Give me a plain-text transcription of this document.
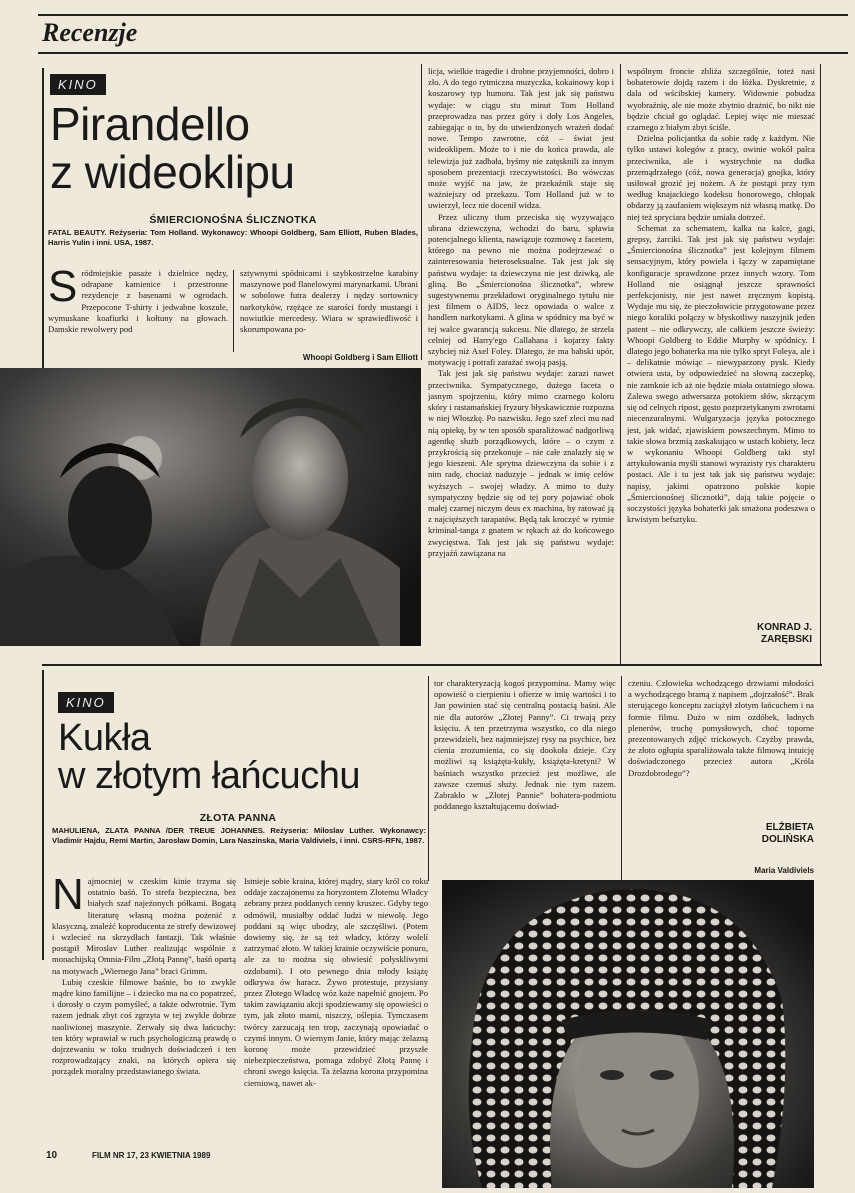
Recenzje
KINO
Pirandello
z wideoklipu
ŚMIERCIONOŚNA ŚLICZNOTKA
FATAL BEAUTY. Reżyseria: Tom Holland. Wykonawcy: Whoopi Goldberg, Sam Elliott, Ruben Blades, Harris Yulin i inni. USA, 1987.
S ródmiejskie pasaże i dzielnice nędzy, odrapane kamienice i przestronne rezydencje z basenami w ogrodach. Przepocone T-shirty i jedwabne koszule, wymuskane koafiurki i kołtuny na głowach. Damskie rewolwery pod
sztywnymi spódnicami i szybkostrzelne karabiny maszynowe pod flanelowymi marynarkami. Ubrani w sobolowe futra dealerzy i nędzy sortownicy narkotyków, rzężące ze starości fordy mustangi i nowiutkie mercedesy. Wiara w sprawiedliwość i skorumpowana po-
Whoopi Goldberg i Sam Elliott

licja, wielkie tragedie i drobne przyjemności, dobro i zło. A do tego rytmiczna muzyczka, kokainowy kop i koszarowy typ humoru. Tak jest jak się państwu wydaje: w ciągu stu minut Tom Holland przeprowadza nas przez góry i doły Los Angeles, zabiegając o to, by do utwierdzonych wrażeń dodać nowe. Tempo zawrotne, cóż – świat jest wideoklipem. Może to i nie do końca prawda, ale telewizja już zadbała, byśmy nie zatęsknili za innym sposobem prezentacji rzeczywistości. Bo wówczas może wyjść na jaw, że przekaźnik staje się ważniejszy od przekazu. Tom Holland już w to uwierzył, lecz nie docenił widza.

Przez uliczny tłum przeciska się wyzywająco ubrana dziewczyna, wchodzi do baru, spławia potencjalnego klienta, nawiązuje rozmowę z facetem, którego na pewno nie można podejrzewać o zainteresowania heteroseksualne. Tak jest jak się państwu wydaje: ta dziewczyna nie jest dziwką, ale gliną. Bo „Śmiercionośna ślicznotka”, wbrew sugestywnemu przekładowi oryginalnego tytułu nie jest filmem o AIDS, lecz opowiada o walce z handlem narkotykami. A glina w spódnicy ma być w tej walce gwarancją sukcesu. Nie dlatego, że strzela celniej od Harry'ego Callahana i kojarzy fakty szybciej niż Axel Foley. Dlatego, że ma babski upór, motywację i potrafi zarażać swoją pasją.

Tak jest jak się państwu wydaje: zarazi nawet przeciwnika. Sympatycznego, dużego faceta o jasnym spojrzeniu, który mimo czarnego koloru skóry i rastamańskiej fryzury błyskawicznie rozpozna w niej Włoszkę. Po nazwisku. Jego szef zleci mu nad nią opiekę, by w ten sposób sparaliżować nadgorliwą agentkę służb porządkowych, które – o czym z przykrością się przekonuje – nie całe znalazły się w jego kieszeni. Ale sprytna dziewczyna da sobie i z nim radę, chociaż naduzyje – jednak w imię celów wyższych – swojej władzy. A mimo to duży sympatyczny będzie się od tej pory pojawiać obok małej czarnej niczym deus ex machina, by ratować ją z najcięższych tarapatów. Będą tak kroczyć w rytmie kriminal-tanga z gnatem w rękach aż do końcowego zwycięstwa. Tak jest jak się państwu wydaje: przyjaźń zawiązana na

wspólnym froncie zbliża szczególnie, toteż nasi bohaterowie dojdą razem i do łóżka. Dyskretnie, z dala od wścibskiej kamery. Widownie pobudza wyobraźnię, ale nie może zbytnio drażnić, bo nikt nie będzie chciał go oglądać. Lepiej więc nie mieszać czarnego z białym zbyt ściśle.

Dzielna policjantka da sobie radę z każdym. Nie tylko ustawi kolegów z pracy, owinie wokół palca przeciwnika, ale i wystrychnie na dudka przemądrzałego (cóż, nowa generacja) gnojka, który usiłował grozić jej nożem. A że postąpi przy tym według knajackiego kodeksu honorowego, chłopak obdarzy ją zaufaniem większym niż własną matkę. Do niej też spryciara będzie umiała dotrzeć.

Schemat za schematem, kalka na kalce, gagi, grepsy, żarciki. Tak jest jak się państwu wydaje: „Śmiercionośna ślicznotka” jest kolejnym filmem sensacyjnym, który powiela i łączy w zapamiętane konfiguracje sprawdzone przez innych wzory. Tom Holland nie osiągnął jeszcze sprawności perfekcjonisty, nie jest nawet zręcznym kopistą. Wydaje mu się, że pieczołowicie przygotowane przez niego koraliki połączy w błyskotliwy naszyjnik jeden patent – nie odkrywczy, ale całkiem jeszcze świeży: Whoopi Goldberg to Eddie Murphy w spódnicy. I dlatego jego bohaterka ma nie tylko spryt Foleya, ale i – delikatnie mówiąc – niewyparzony pysk. Kiedy otwiera usta, by odpowiedzieć na słowną zaczepkę, nie zamknie ich aż nie będzie miała ostatniego słowa. Zalewa swego adwersarza potokiem słów, skrzącym się od celnych ripost, gęsto pozprzetykanym zwrotami niecenzuralnymi. Wulgaryzacja języka potocznego jest, jak widać, zjawiskiem powszechnym. Mimo to takie słowa brzmią zaskakująco w ustach kobiety, lecz w wykonaniu Whoopi Goldberg taki styl artykułowania myśli stanowi wyrazisty rys charakteru postaci. Ale i tu jest tak jak się państwu wydaje: napisy, jakimi opatrzono polskie kopie „Śmiercionośnej ślicznotki”, dają takie pojęcie o soczystości języka bohaterki jak smażona podeszwa o krwistym befsztyku.

KONRAD J.
ZARĘBSKI
KINO
Kukła
w złotym łańcuchu
ZŁOTA PANNA
MAHULIENA, ZLATA PANNA /DER TREUE JOHANNES. Reżyseria: Miloslav Luther. Wykonawcy: Vladimír Hajdu, Remi Martin, Jarosław Domin, Lara Naszinska, Maria Valdiviels, i inni. CSRS-RFN, 1987.

Najmocniej w czeskim kinie trzyma się ostatnio baśń. To strefa bezpieczna, bez białych szaf najeżonych półkami. Bogatą literaturę własną można pożenić z klasyczną, znaleźć koproducenta ze strefy dewizowej i wzlecieć na skrzydłach fantazji. Tak właśnie postąpił Miroslav Luther realizując wspólnie z monachijską Omnia-Film „Złotą Pannę”, baśń opartą na motywach „Wiernego Jana” braci Grimm.

Lubię czeskie filmowe baśnie, bo to zwykle mądre kino familijne – i dziecko ma na co popatrzeć, i dorosły o czym pomyśleć, a także odwrotnie. Tym razem jednak zbyt coś zgrzyta w tej zwykle dobrze naoliwionej maszynie. Zerwały się dwa łańcuchy: ten który wprawiał w ruch psychologiczną prawdę o dojrzewaniu w toku trudnych doświadczeń i ten rozprowadzający znaki, na których opiera się porządek moralny przedstawianego świata.

Istnieje sobie kraina, której mądry, stary król co roku oddaje zaczajonemu za horyzontem Złotemu Władcy zebrany przez poddanych cenny kruszec. Gdyby tego odmówił, musiałby oddać ludzi w niewolę. Jego poddani są więc ubodzy, ale szczęśliwi. (Potem dowiemy się, że są też władcy, którzy wolelí zatrzymać złoto. W takiej krainie oczywiście ponuro, ale za to można się obwiesić połyskliwymi ozdobami). I oto pewnego dnia młody książę odkrywa ów haracz. Żywo protestuje, przysiany przez Złotego Władcę wóz każe napełnić gnojem. Po takim zawiązaniu akcji spodziewamy się opowieści o tym, jak złoto mami, niszczy, oślepia. Tymczasem twórcy zarzucają ten trop, zaczynają opowiadać o czymś innym. O wiernym Janie, który mając żelazną koronę może przewidzieć przyszłe niebezpieczeństwa, pomaga zdobyć Złotą Pannę i chroni swego księcia. Ta żelazna korona przypomina cierniową, nawet ak-

tor charakteryzacją kogoś przypomina. Mamy więc opowieść o cierpieniu i ofierze w imię wartości i to Jan powinien stać się centralną postacią baśni. Ale nie dla autorów „Złotej Panny”. Ci trwają przy księciu. A ten przetrzyma wszystko, co dla niego przewidzieli, bez najmniejszej rysy na psychice, bez cienia zrozumienia, co się dookoła dzieje. Czy możliwi są książęta-kukły, książęta-kretyni? W baśniach wszystko przecież jest możliwe, ale zawsze czemuś służy. Jednak nie tym razem. Zabrakło w „Złotej Pannie” bohatera-podmiotu poddanego kształtującemu doświad-

czeniu. Człowieka wchodzącego drzwiami młodości a wychodzącego bramą z napisem „dojrzałość”. Brak sterującego konceptu zaciążył złotym łańcuchem i na formie filmu. Dużo w nim ozdóbek, ładnych plenerów, trochę pomysłowych, choć toporne prezentowanych zdjęć trickowych. Czyżby prawda, że złoto ogłupia sparaliżowała także filmową intuicję doświadczonego przecież autora „Króla Drozdobrodego”?

ELŻBIETA
DOLIŃSKA
Maria Valdiviels
10	FILM NR 17, 23 KWIETNIA 1989
